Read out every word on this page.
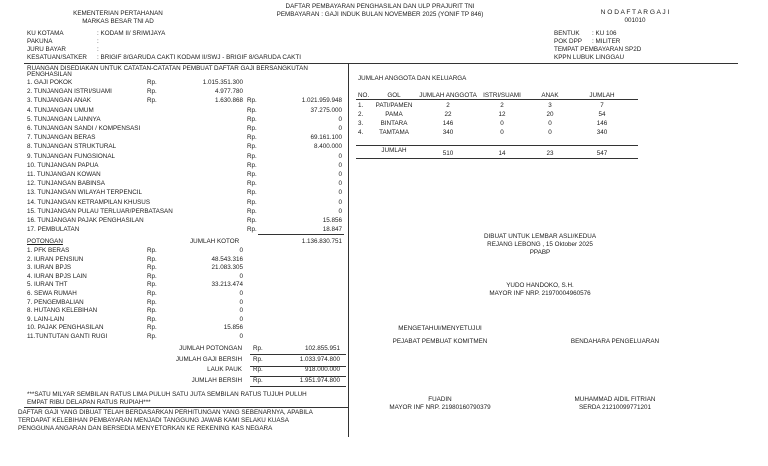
KEMENTERIAN PERTAHANAN
MARKAS BESAR TNI AD
DAFTAR PEMBAYARAN PENGHASILAN DAN ULP PRAJURIT TNI
PEMBAYARAN : GAJI INDUK BULAN NOVEMBER 2025 (YONIF TP 846)	N O D A F T A R G A J I
001010
KU KOTAMA	: KODAM II/ SRIWIJAYA
PAKUNA	:
JURU BAYAR	:
KESATUAN/SATKER : BRIGIF 8/GARUDA CAKTI KODAM II/SWJ - BRIGIF 8/GARUDA CAKTI
BENTUK : KU 106
POK DPP : MILITER
TEMPAT PEMBAYARAN SP2D
KPPN LUBUK LINGGAU
RUANGAN DISEDIAKAN UNTUK CATATAN-CATATAN PEMBUAT DAFTAR GAJI BERSANGKUTAN
PENGHASILAN
1. GAJI POKOK	Rp.	1.015.351.300
2. TUNJANGAN ISTRI/SUAMI	Rp.	4.977.780
3. TUNJANGAN ANAK	Rp.	1.630.868 Rp.	1.021.959.948
4. TUNJANGAN UMUM	Rp.	37.275.000
5. TUNJANGAN LAINNYA	Rp.	0
6. TUNJANGAN SANDI / KOMPENSASI	Rp.	0
7. TUNJANGAN BERAS	Rp.	69.161.100
8. TUNJANGAN STRUKTURAL	Rp.	8.400.000
9. TUNJANGAN FUNGSIONAL	Rp.	0
10. TUNJANGAN PAPUA	Rp.	0
11. TUNJANGAN KOWAN	Rp.	0
12. TUNJANGAN BABINSA	Rp.	0
13. TUNJANGAN WILAYAH TERPENCIL	Rp.	0
14. TUNJANGAN KETRAMPILAN KHUSUS	Rp.	0
15. TUNJANGAN PULAU TERLUAR/PERBATASAN	Rp.	0
16. TUNJANGAN PAJAK PENGHASILAN	Rp.	15.856
17. PEMBULATAN	Rp.	18.847
POTONGAN	JUMLAH KOTOR	1.136.830.751
1. PFK BERAS	Rp.	0
2. IURAN PENSIUN	Rp.	48.543.316
3. IURAN BPJS	Rp.	21.083.305
4. IURAN BPJS LAIN	Rp.	0
5. IURAN THT	Rp.	33.213.474
6. SEWA RUMAH	Rp.	0
7. PENGEMBALIAN	Rp.	0
8. HUTANG KELEBIHAN	Rp.	0
9. LAIN-LAIN	Rp.	0
10. PAJAK PENGHASILAN	Rp.	15.856
11.TUNTUTAN GANTI RUGI	Rp.	0
JUMLAH POTONGAN Rp.	102.855.951
JUMLAH GAJI BERSIH Rp.	1.033.974.800
LAUK PAUK Rp.	918.000.000
JUMLAH BERSIH Rp.	1.951.974.800
***SATU MILYAR SEMBILAN RATUS LIMA PULUH SATU JUTA SEMBILAN RATUS TUJUH PULUH
EMPAT RIBU DELAPAN RATUS RUPIAH***
DAFTAR GAJI YANG DIBUAT TELAH BERDASARKAN PERHITUNGAN YANG SEBENARNYA, APABILA
TERDAPAT KELEBIHAN PEMBAYARAN MENJADI TANGGUNG JAWAB KAMI SELAKU KUASA
PENGGUNA ANGARAN DAN BERSEDIA MENYETORKAN KE REKENING KAS NEGARA
JUMLAH ANGGOTA DAN KELUARGA
NO.	GOL	JUMLAH ANGGOTA ISTRI/SUAMI	ANAK	JUMLAH
1.	PATI/PAMEN	2	2	3	7
2.	PAMA	22	12	20	54
3.	BINTARA	146	0	0	146
4.	TAMTAMA	340	0	0	340
JUMLAH	510	14	23	547
DIBUAT UNTUK LEMBAR ASLI/KEDUA
REJANG LEBONG , 15 Oktober 2025
PPABP
YUDO HANDOKO, S.H.
MAYOR INF NRP. 21970004960576
MENGETAHUI/MENYETUJUI
PEJABAT PEMBUAT KOMITMEN	BENDAHARA PENGELUARAN
FUADIN
MAYOR INF NRP. 21980160790379
MUHAMMAD AIDIL FITRIAN
SERDA 21210099771201
